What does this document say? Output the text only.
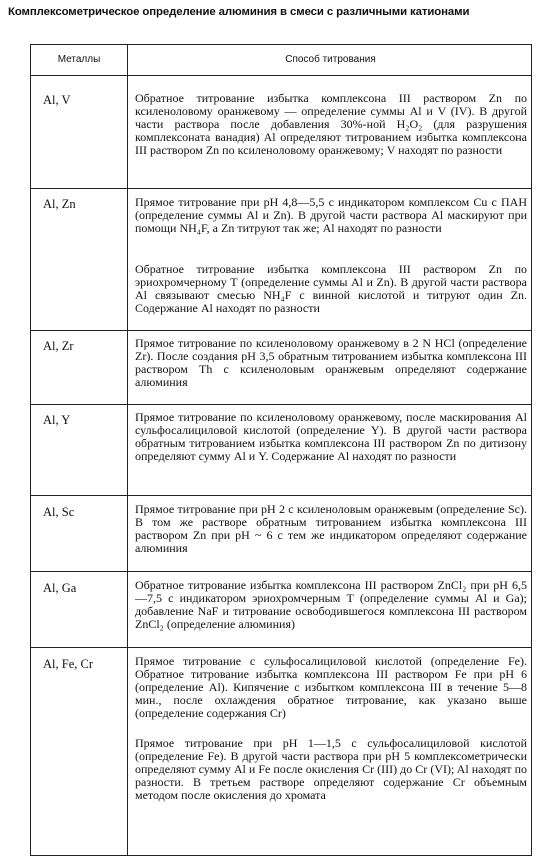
Комплексометрическое определение алюминия в смеси с различными катионами
Металлы	Способ титрования
Al, V	Обратное титрование избытка комплексона III раствором Zn по ксиленоловому оранжевому — определение суммы Al и V (IV). В другой части раствора после добавления 30%-ной H₂O₂ (для разрушения комплексоната ванадия) Al определяют титрованием избытка комплексона III раствором Zn по ксиленоловому оранжевому; V находят по разности
Al, Zn	Прямое титрование при pH 4,8—5,5 с индикатором комплексом Cu с ПАН (определение суммы Al и Zn). В другой части раствора Al маскируют при помощи NH₄F, а Zn титруют так же; Al находят по разности
Обратное титрование избытка комплексона III раствором Zn по эриохромчерному Т (определение суммы Al и Zn). В другой части раствора Al связывают смесью NH₄F с винной кислотой и титруют один Zn. Содержание Al находят по разности
Al, Zr	Прямое титрование по ксиленоловому оранжевому в 2 N HCl (определение Zr). После создания pH 3,5 обратным титрованием избытка комплексона III раствором Th с ксиленоловым оранжевым определяют содержание алюминия
Al, Y	Прямое титрование по ксиленоловому оранжевому, после маскирования Al сульфосалициловой кислотой (определение Y). В другой части раствора обратным титрованием избытка комплексона III раствором Zn по дитизону определяют сумму Al и Y. Содержание Al находят по разности
Al, Sc	Прямое титрование при pH 2 с ксиленоловым оранжевым (определение Sc). В том же растворе обратным титрованием избытка комплексона III раствором Zn при pH ~ 6 с тем же индикатором определяют содержание алюминия
Al, Ga	Обратное титрование избытка комплексона III раствором ZnCl₂ при pH 6,5—7,5 с индикатором эриохромчерным Т (определение суммы Al и Ga); добавление NaF и титрование освободившегося комплексона III раствором ZnCl₂ (определение алюминия)
Al, Fe, Cr	Прямое титрование с сульфосалициловой кислотой (определение Fe). Обратное титрование избытка комплексона III раствором Fe при pH 6 (определение Al). Кипячение с избытком комплексона III в течение 5—8 мин., после охлаждения обратное титрование, как указано выше (определение содержания Cr)
Прямое титрование при pH 1—1,5 с сульфосалициловой кислотой (определение Fe). В другой части раствора при pH 5 комплексометрически определяют сумму Al и Fe после окисления Cr (III) до Cr (VI); Al находят по разности. В третьем растворе определяют содержание Cr объемным методом после окисления до хромата
